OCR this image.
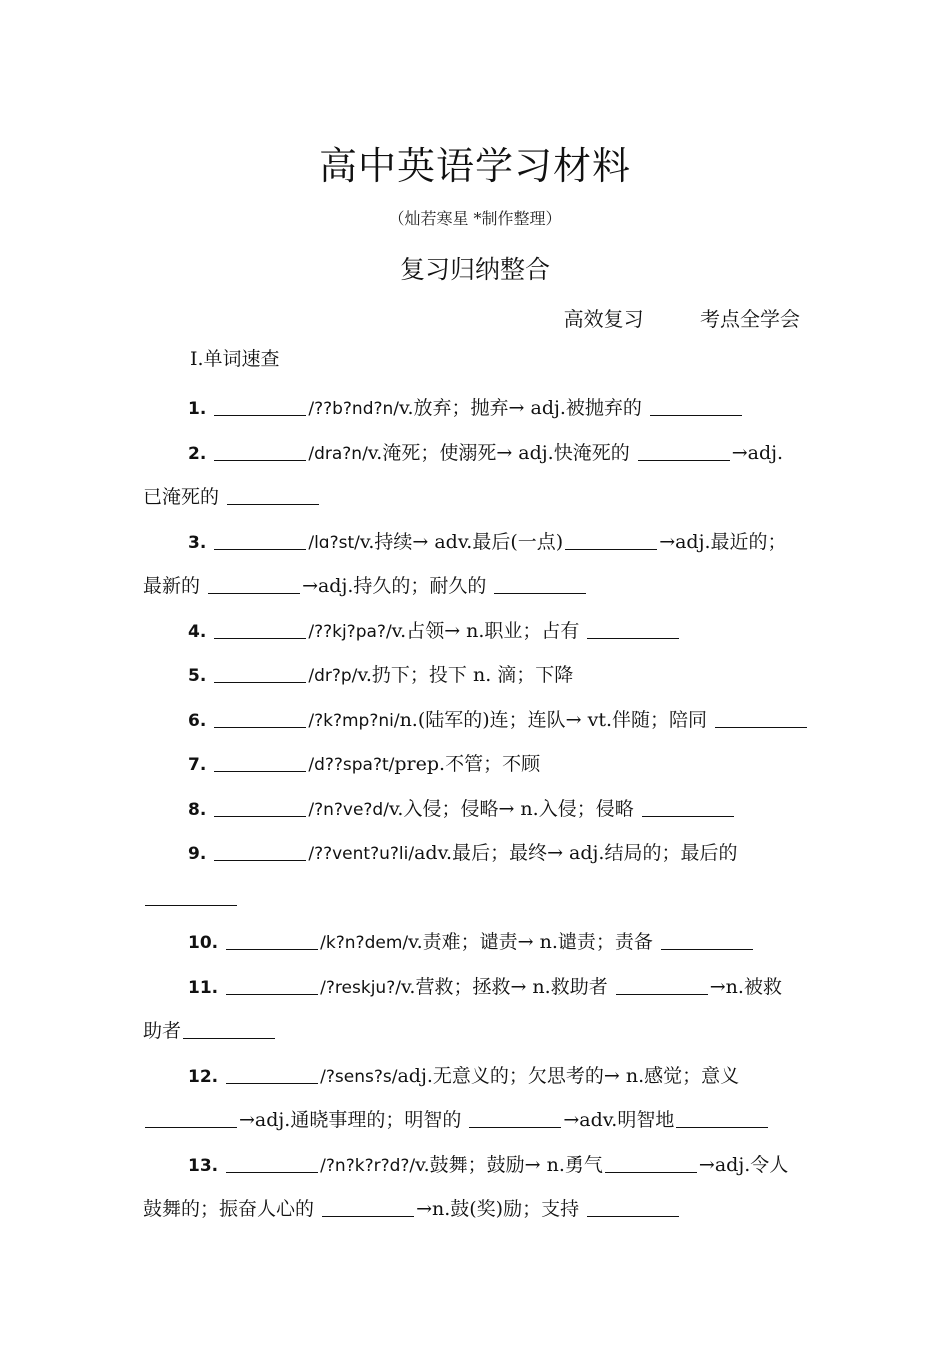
高中英语学习材料
（灿若寒星 *制作整理）
复习归纳整合
高效复习	考点全学会
Ⅰ.单词速查
1.	/??b?nd?n/v.放弃；抛弃→ adj.被抛弃的
2.	/dra?n/v.淹死；使溺死→ adj.快淹死的	→adj.
已淹死的
3.	/lɑ?st/v.持续→ adv.最后(一点)	→adj.最近的；
最新的	→adj.持久的；耐久的
4.	/??kj?pa?/v.占领→ n.职业；占有
5.	/dr?p/v.扔下；投下 n. 滴；下降
6.	/?k?mp?ni/n.(陆军的)连；连队→ vt.伴随；陪同
7.	/d??spa?t/prep.不管；不顾
8.	/?n?ve?d/v.入侵；侵略→ n.入侵；侵略
9.	/??vent?u?li/adv.最后；最终→ adj.结局的；最后的
10.	/k?n?dem/v.责难；谴责→ n.谴责；责备
11.	/?reskju?/v.营救；拯救→ n.救助者	→n.被救
助者
12.	/?sens?s/adj.无意义的；欠思考的→ n.感觉；意义
→adj.通晓事理的；明智的	→adv.明智地
13.	/?n?k?r?d?/v.鼓舞；鼓励→ n.勇气	→adj.令人
鼓舞的；振奋人心的	→n.鼓(奖)励；支持
